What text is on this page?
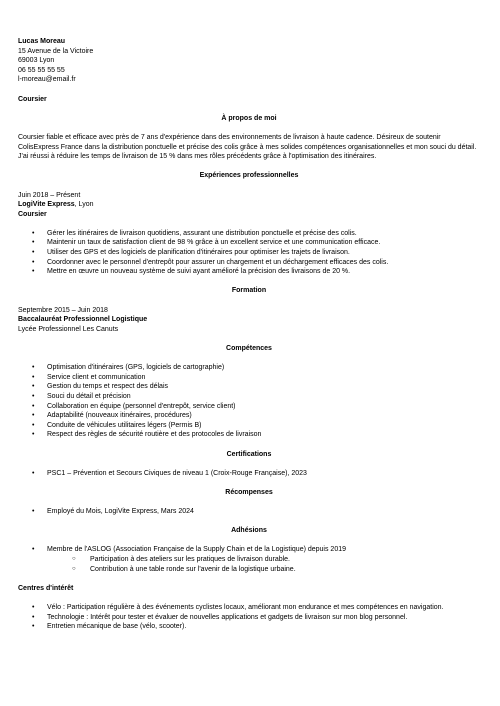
Lucas Moreau
15 Avenue de la Victoire
69003 Lyon
06 55 55 55 55
l-moreau@email.fr
Coursier
À propos de moi

Coursier fiable et efficace avec près de 7 ans d'expérience dans des environnements de livraison à haute cadence. Désireux de soutenir ColisExpress France dans la distribution ponctuelle et précise des colis grâce à mes solides compétences organisationnelles et mon souci du détail. J'ai réussi à réduire les temps de livraison de 15 % dans mes rôles précédents grâce à l'optimisation des itinéraires.

Expériences professionnelles
Juin 2018 – Présent
LogiVite Express, Lyon
Coursier
• Gérer les itinéraires de livraison quotidiens, assurant une distribution ponctuelle et précise des colis.
• Maintenir un taux de satisfaction client de 98 % grâce à un excellent service et une communication efficace.
• Utiliser des GPS et des logiciels de planification d'itinéraires pour optimiser les trajets de livraison.
• Coordonner avec le personnel d'entrepôt pour assurer un chargement et un déchargement efficaces des colis.
• Mettre en œuvre un nouveau système de suivi ayant amélioré la précision des livraisons de 20 %.
Formation
Septembre 2015 – Juin 2018
Baccalauréat Professionnel Logistique
Lycée Professionnel Les Canuts
Compétences
• Optimisation d'itinéraires (GPS, logiciels de cartographie)
• Service client et communication
• Gestion du temps et respect des délais
• Souci du détail et précision
• Collaboration en équipe (personnel d'entrepôt, service client)
• Adaptabilité (nouveaux itinéraires, procédures)
• Conduite de véhicules utilitaires légers (Permis B)
• Respect des règles de sécurité routière et des protocoles de livraison
Certifications
• PSC1 – Prévention et Secours Civiques de niveau 1 (Croix-Rouge Française), 2023
Récompenses
• Employé du Mois, LogiVite Express, Mars 2024
Adhésions
• Membre de l'ASLOG (Association Française de la Supply Chain et de la Logistique) depuis 2019
○ Participation à des ateliers sur les pratiques de livraison durable.
○ Contribution à une table ronde sur l'avenir de la logistique urbaine.
Centres d'intérêt
• Vélo : Participation régulière à des événements cyclistes locaux, améliorant mon endurance et mes compétences en navigation.
• Technologie : Intérêt pour tester et évaluer de nouvelles applications et gadgets de livraison sur mon blog personnel.
• Entretien mécanique de base (vélo, scooter).
